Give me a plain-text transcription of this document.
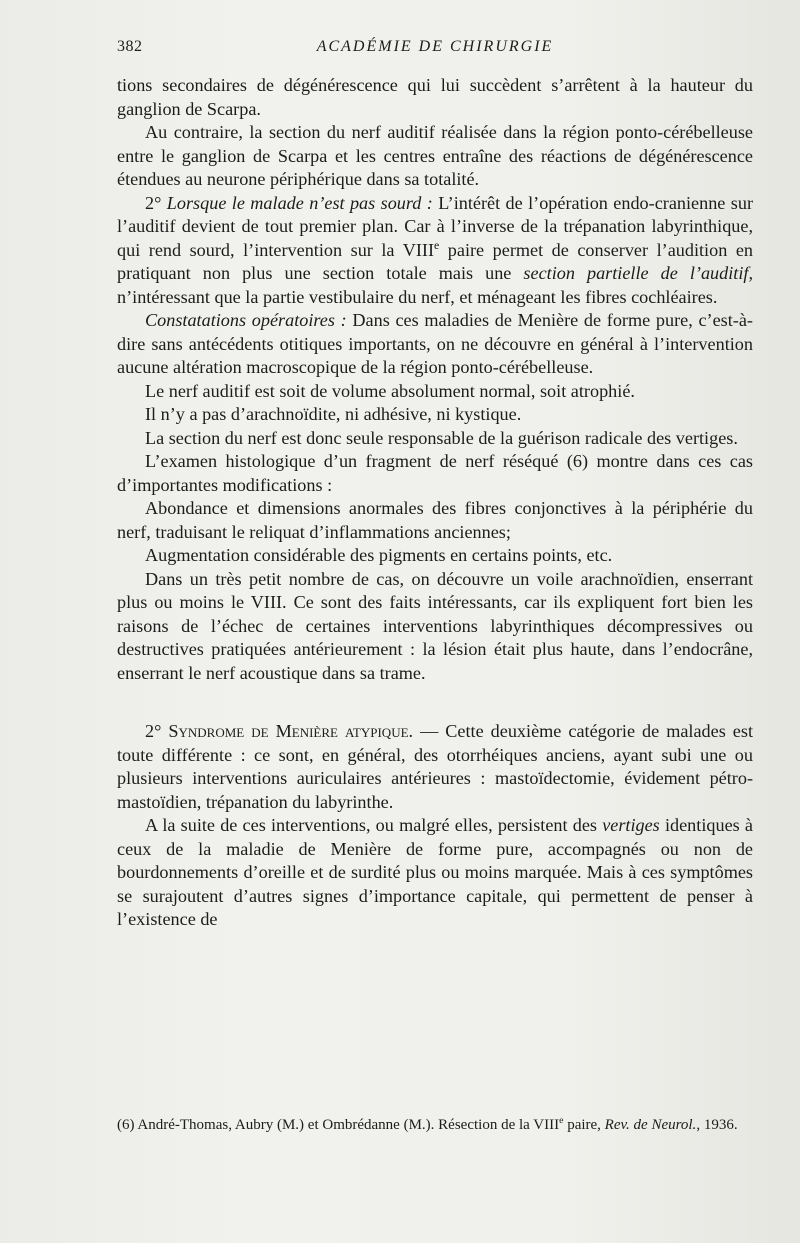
382	ACADÉMIE DE CHIRURGIE

tions secondaires de dégénérescence qui lui succèdent s’arrêtent à la hauteur du ganglion de Scarpa.

Au contraire, la section du nerf auditif réalisée dans la région ponto-cérébelleuse entre le ganglion de Scarpa et les centres entraîne des réactions de dégénérescence étendues au neurone périphérique dans sa totalité.

2° Lorsque le malade n’est pas sourd : L’intérêt de l’opération endo-cranienne sur l’auditif devient de tout premier plan. Car à l’inverse de la trépanation labyrinthique, qui rend sourd, l’intervention sur la VIIIe paire permet de conserver l’audition en pratiquant non plus une section totale mais une section partielle de l’auditif, n’intéressant que la partie vestibulaire du nerf, et ménageant les fibres cochléaires.

Constatations opératoires : Dans ces maladies de Menière de forme pure, c’est-à-dire sans antécédents otitiques importants, on ne découvre en général à l’intervention aucune altération macroscopique de la région ponto-cérébelleuse.

Le nerf auditif est soit de volume absolument normal, soit atrophié.

Il n’y a pas d’arachnoïdite, ni adhésive, ni kystique.

La section du nerf est donc seule responsable de la guérison radicale des vertiges.

L’examen histologique d’un fragment de nerf réséqué (6) montre dans ces cas d’importantes modifications :

Abondance et dimensions anormales des fibres conjonctives à la périphérie du nerf, traduisant le reliquat d’inflammations anciennes;

Augmentation considérable des pigments en certains points, etc.

Dans un très petit nombre de cas, on découvre un voile arachnoïdien, enserrant plus ou moins le VIII. Ce sont des faits intéressants, car ils expliquent fort bien les raisons de l’échec de certaines interventions labyrinthiques décompressives ou destructives pratiquées antérieurement : la lésion était plus haute, dans l’endocrâne, enserrant le nerf acoustique dans sa trame.

2° Syndrome de Menière atypique. — Cette deuxième catégorie de malades est toute différente : ce sont, en général, des otorrhéiques anciens, ayant subi une ou plusieurs interventions auriculaires antérieures : mastoïdectomie, évidement pétro-mastoïdien, trépanation du labyrinthe.

A la suite de ces interventions, ou malgré elles, persistent des vertiges identiques à ceux de la maladie de Menière de forme pure, accompagnés ou non de bourdonnements d’oreille et de surdité plus ou moins marquée. Mais à ces symptômes se surajoutent d’autres signes d’importance capitale, qui permettent de penser à l’existence de

(6) André-Thomas, Aubry (M.) et Ombrédanne (M.). Résection de la VIIIe paire, Rev. de Neurol., 1936.
